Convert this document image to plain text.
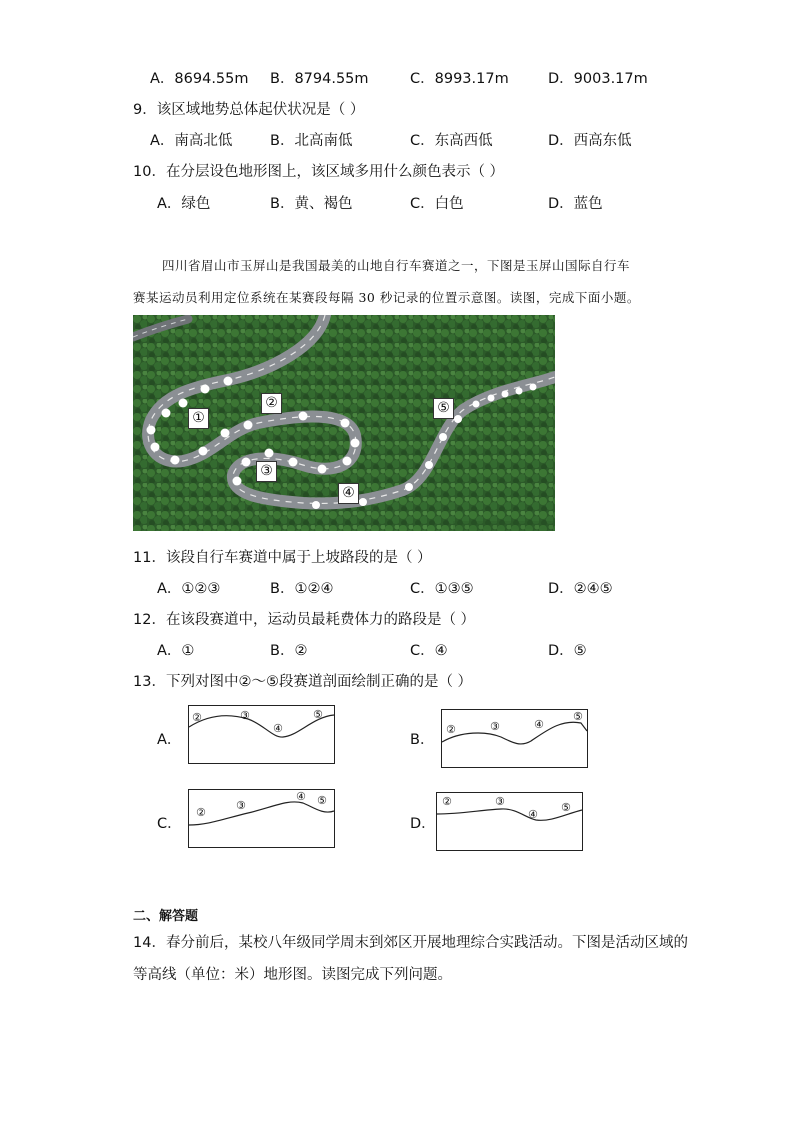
A．8694.55m B．8794.55m	C．8993.17m	D．9003.17m
9．该区域地势总体起伏状况是（ ）
A．南高北低	B．北高南低	C．东高西低	D．西高东低
10．在分层设色地形图上，该区域多用什么颜色表示（ ）
A．绿色	B．黄、褐色	C．白色	D．蓝色
四川省眉山市玉屏山是我国最美的山地自行车赛道之一，下图是玉屏山国际自行车
赛某运动员利用定位系统在某赛段每隔 30 秒记录的位置示意图。读图，完成下面小题。
①
②
③
④
⑤
11．该段自行车赛道中属于上坡路段的是（ ）
A．①②③	B．①②④	C．①③⑤	D．②④⑤
12．在该段赛道中，运动员最耗费体力的路段是（ ）
A．①	B．②	C．④	D．⑤
13．下列对图中②～⑤段赛道剖面绘制正确的是（ ）
A．
②	③
④
⑤
B．
②	③	④
⑤
C．
②
③
④ ⑤
D．
②	③
④
⑤
二、解答题
14．春分前后，某校八年级同学周末到郊区开展地理综合实践活动。下图是活动区域的
等高线（单位：米）地形图。读图完成下列问题。
